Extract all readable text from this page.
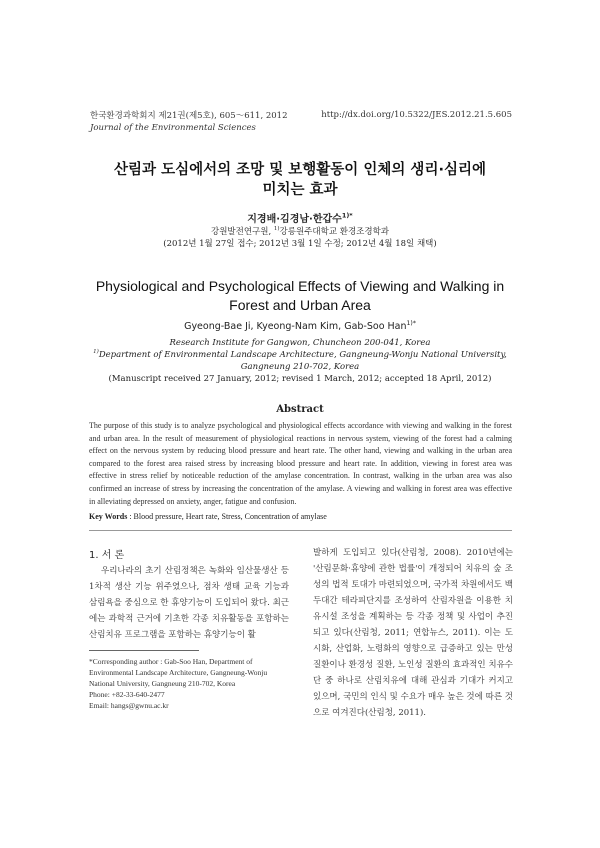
한국환경과학회지 제21권(제5호), 605～611, 2012
Journal of the Environmental Sciences
http://dx.doi.org/10.5322/JES.2012.21.5.605
산림과 도심에서의 조망 및 보행활동이 인체의 생리·심리에
미치는 효과
지경배·김경남·한갑수$^{1)*}$
강원발전연구원, $^{1)}$강릉원주대학교 환경조경학과
(2012년 1월 27일 접수; 2012년 3월 1일 수정; 2012년 4월 18일 채택)
Physiological and Psychological Effects of Viewing and Walking in
Forest and Urban Area
Gyeong-Bae Ji, Kyeong-Nam Kim, Gab-Soo Han$^{1)*}$
Research Institute for Gangwon, Chuncheon 200-041, Korea
$^{1)}$Department of Environmental Landscape Architecture, Gangneung-Wonju National University,
Gangneung 210-702, Korea
(Manuscript received 27 January, 2012; revised 1 March, 2012; accepted 18 April, 2012)
Abstract
The purpose of this study is to analyze psychological and physiological effects accordance with viewing and walking in the forest and urban area. In the result of measurement of physiological reactions in nervous system, viewing of the forest had a calming effect on the nervous system by reducing blood pressure and heart rate. The other hand, viewing and walking in the urban area compared to the forest area raised stress by increasing blood pressure and heart rate. In addition, viewing in forest area was effective in stress relief by noticeable reduction of the amylase concentration. In contrast, walking in the urban area was also confirmed an increase of stress by increasing the concentration of the amylase. A viewing and walking in forest area was effective in alleviating depressed on anxiety, anger, fatigue and confusion.
Key Words : Blood pressure, Heart rate, Stress, Concentration of amylase
1. 서 론

우리나라의 초기 산림정책은 녹화와 임산물생산 등 1차적 생산 기능 위주였으나, 점차 생태 교육 기능과 삼림욕을 중심으로 한 휴양기능이 도입되어 왔다. 최근에는 과학적 근거에 기초한 각종 치유활동을 포함하는 산림치유 프로그램을 포함하는 휴양기능이 활

발하게 도입되고 있다(산림청, 2008). 2010년에는 '산림문화·휴양에 관한 법률'이 개정되어 치유의 숲 조성의 법적 토대가 마련되었으며, 국가적 차원에서도 백두대간 테라피단지를 조성하여 산림자원을 이용한 치유시설 조성을 계획하는 등 각종 정책 및 사업이 추진되고 있다(산림청, 2011; 연합뉴스, 2011). 이는 도시화, 산업화, 노령화의 영향으로 급증하고 있는 만성 질환이나 환경성 질환, 노인성 질환의 효과적인 치유수단 중 하나로 산림치유에 대해 관심과 기대가 커지고 있으며, 국민의 인식 및 수요가 매우 높은 것에 따른 것으로 여겨진다(산림청, 2011).

*Corresponding author : Gab-Soo Han, Department of Environmental Landscape Architecture, Gangneung-Wonju National University, Gangneung 210-702, Korea
Phone: +82-33-640-2477
Email: hangs@gwnu.ac.kr
